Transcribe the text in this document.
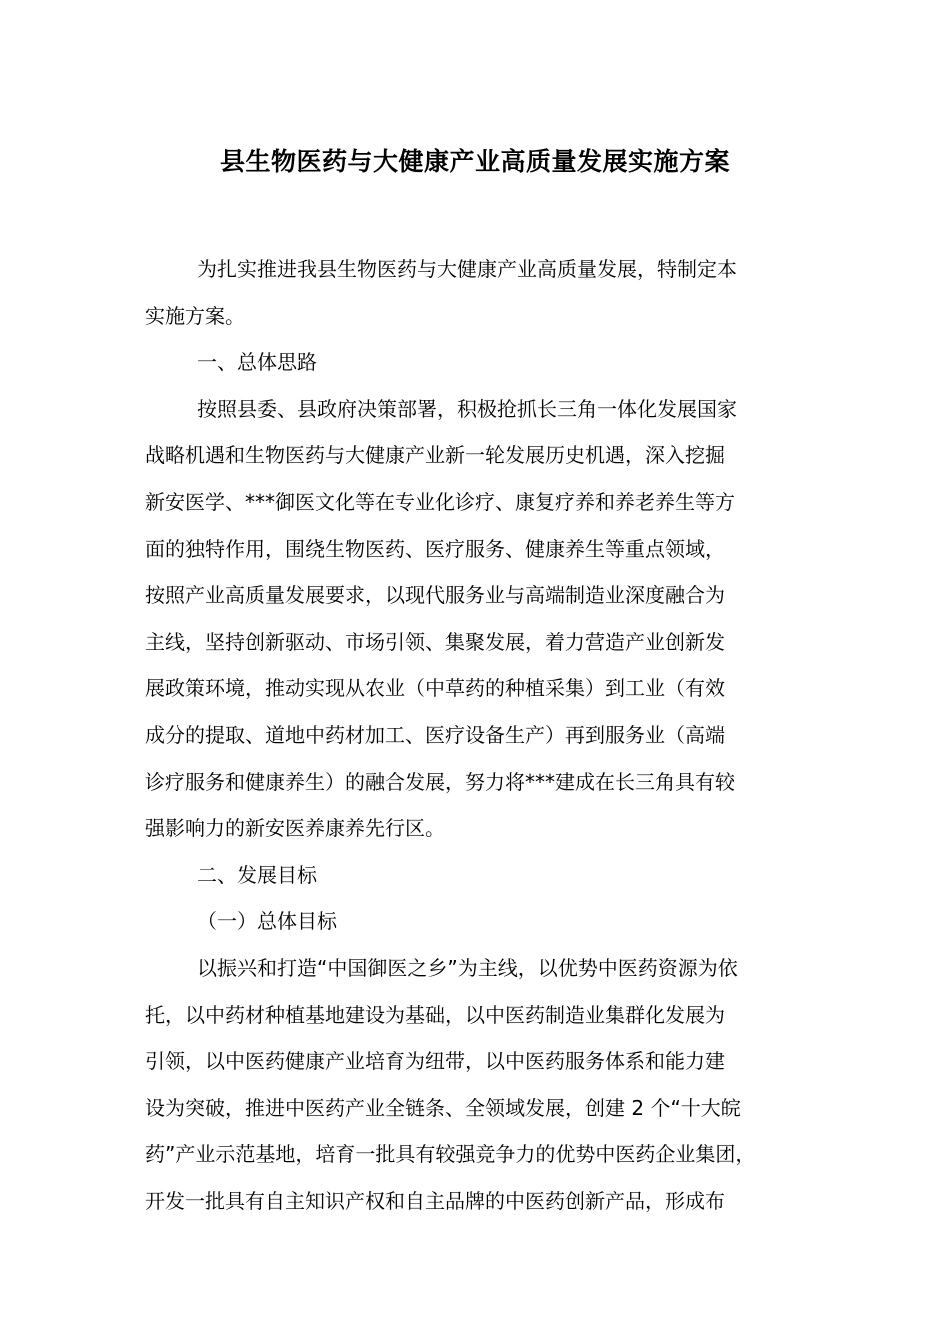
县生物医药与大健康产业高质量发展实施方案

为扎实推进我县生物医药与大健康产业高质量发展，特制定本
实施方案。

一、总体思路

按照县委、县政府决策部署，积极抢抓长三角一体化发展国家
战略机遇和生物医药与大健康产业新一轮发展历史机遇，深入挖掘
新安医学、***御医文化等在专业化诊疗、康复疗养和养老养生等方
面的独特作用，围绕生物医药、医疗服务、健康养生等重点领域，
按照产业高质量发展要求，以现代服务业与高端制造业深度融合为
主线，坚持创新驱动、市场引领、集聚发展，着力营造产业创新发
展政策环境，推动实现从农业（中草药的种植采集）到工业（有效
成分的提取、道地中药材加工、医疗设备生产）再到服务业（高端
诊疗服务和健康养生）的融合发展，努力将***建成在长三角具有较
强影响力的新安医养康养先行区。

二、发展目标

（一）总体目标

以振兴和打造“中国御医之乡”为主线，以优势中医药资源为依
托，以中药材种植基地建设为基础，以中医药制造业集群化发展为
引领，以中医药健康产业培育为纽带，以中医药服务体系和能力建
设为突破，推进中医药产业全链条、全领域发展，创建 2 个“十大皖
药”产业示范基地，培育一批具有较强竞争力的优势中医药企业集团，
开发一批具有自主知识产权和自主品牌的中医药创新产品，形成布
